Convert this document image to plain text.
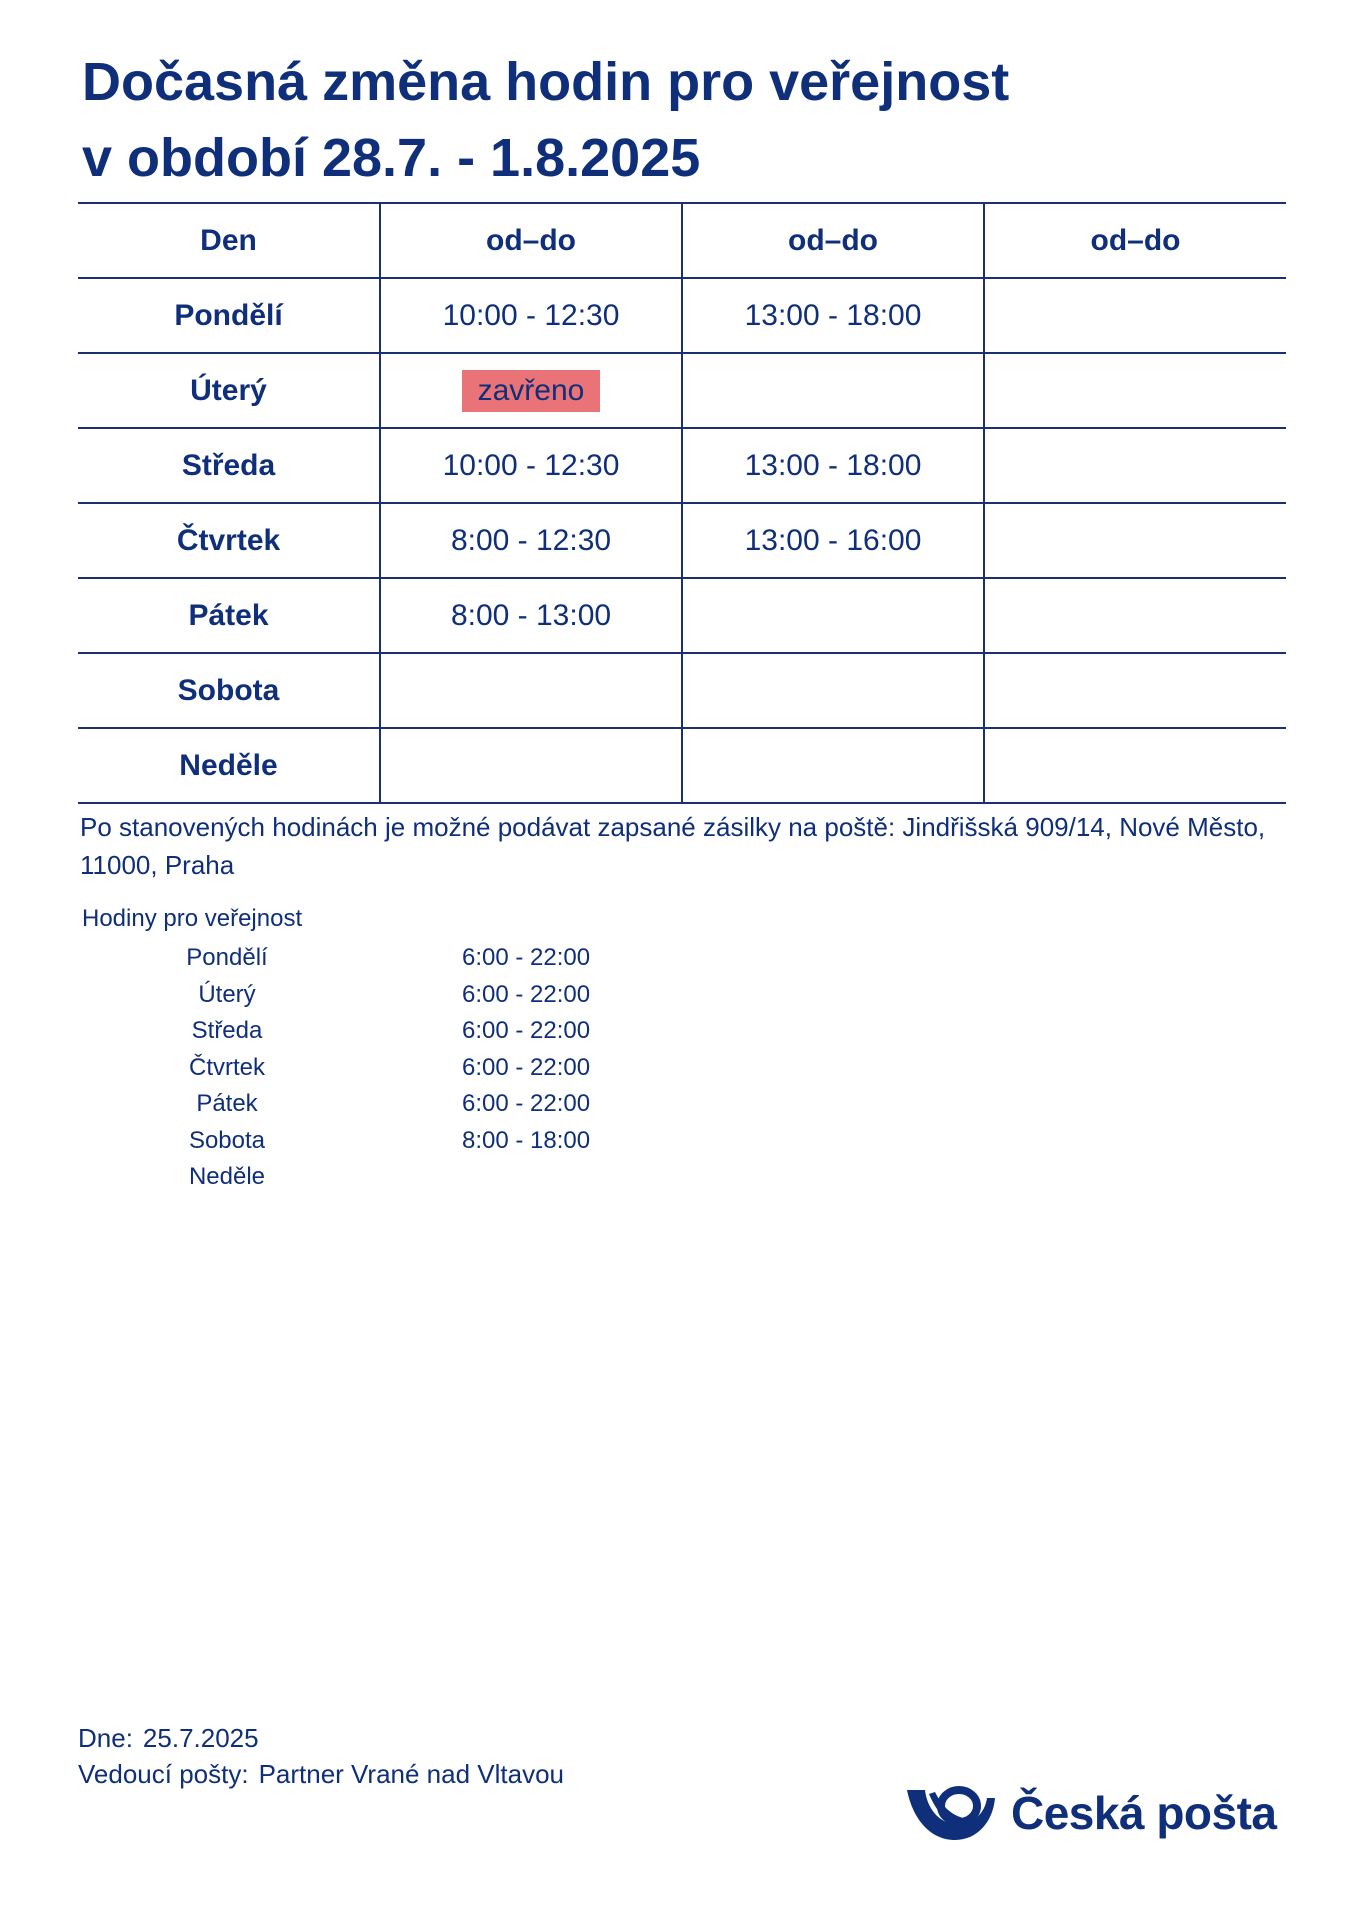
Dočasná změna hodin pro veřejnost
v období 28.7. - 1.8.2025
Den	od–do	od–do	od–do
Pondělí	10:00 - 12:30	13:00 - 18:00	
Úterý	zavřeno		
Středa	10:00 - 12:30	13:00 - 18:00	
Čtvrtek	8:00 - 12:30	13:00 - 16:00	
Pátek	8:00 - 13:00		
Sobota			
Neděle			

Po stanovených hodinách je možné podávat zapsané zásilky na poště: Jindřišská 909/14, Nové Město, 11000, Praha

Hodiny pro veřejnost
Pondělí	6:00 - 22:00
Úterý	6:00 - 22:00
Středa	6:00 - 22:00
Čtvrtek	6:00 - 22:00
Pátek	6:00 - 22:00
Sobota	8:00 - 18:00
Neděle
Dne: 25.7.2025
Vedoucí pošty: Partner Vrané nad Vltavou
Česká pošta
